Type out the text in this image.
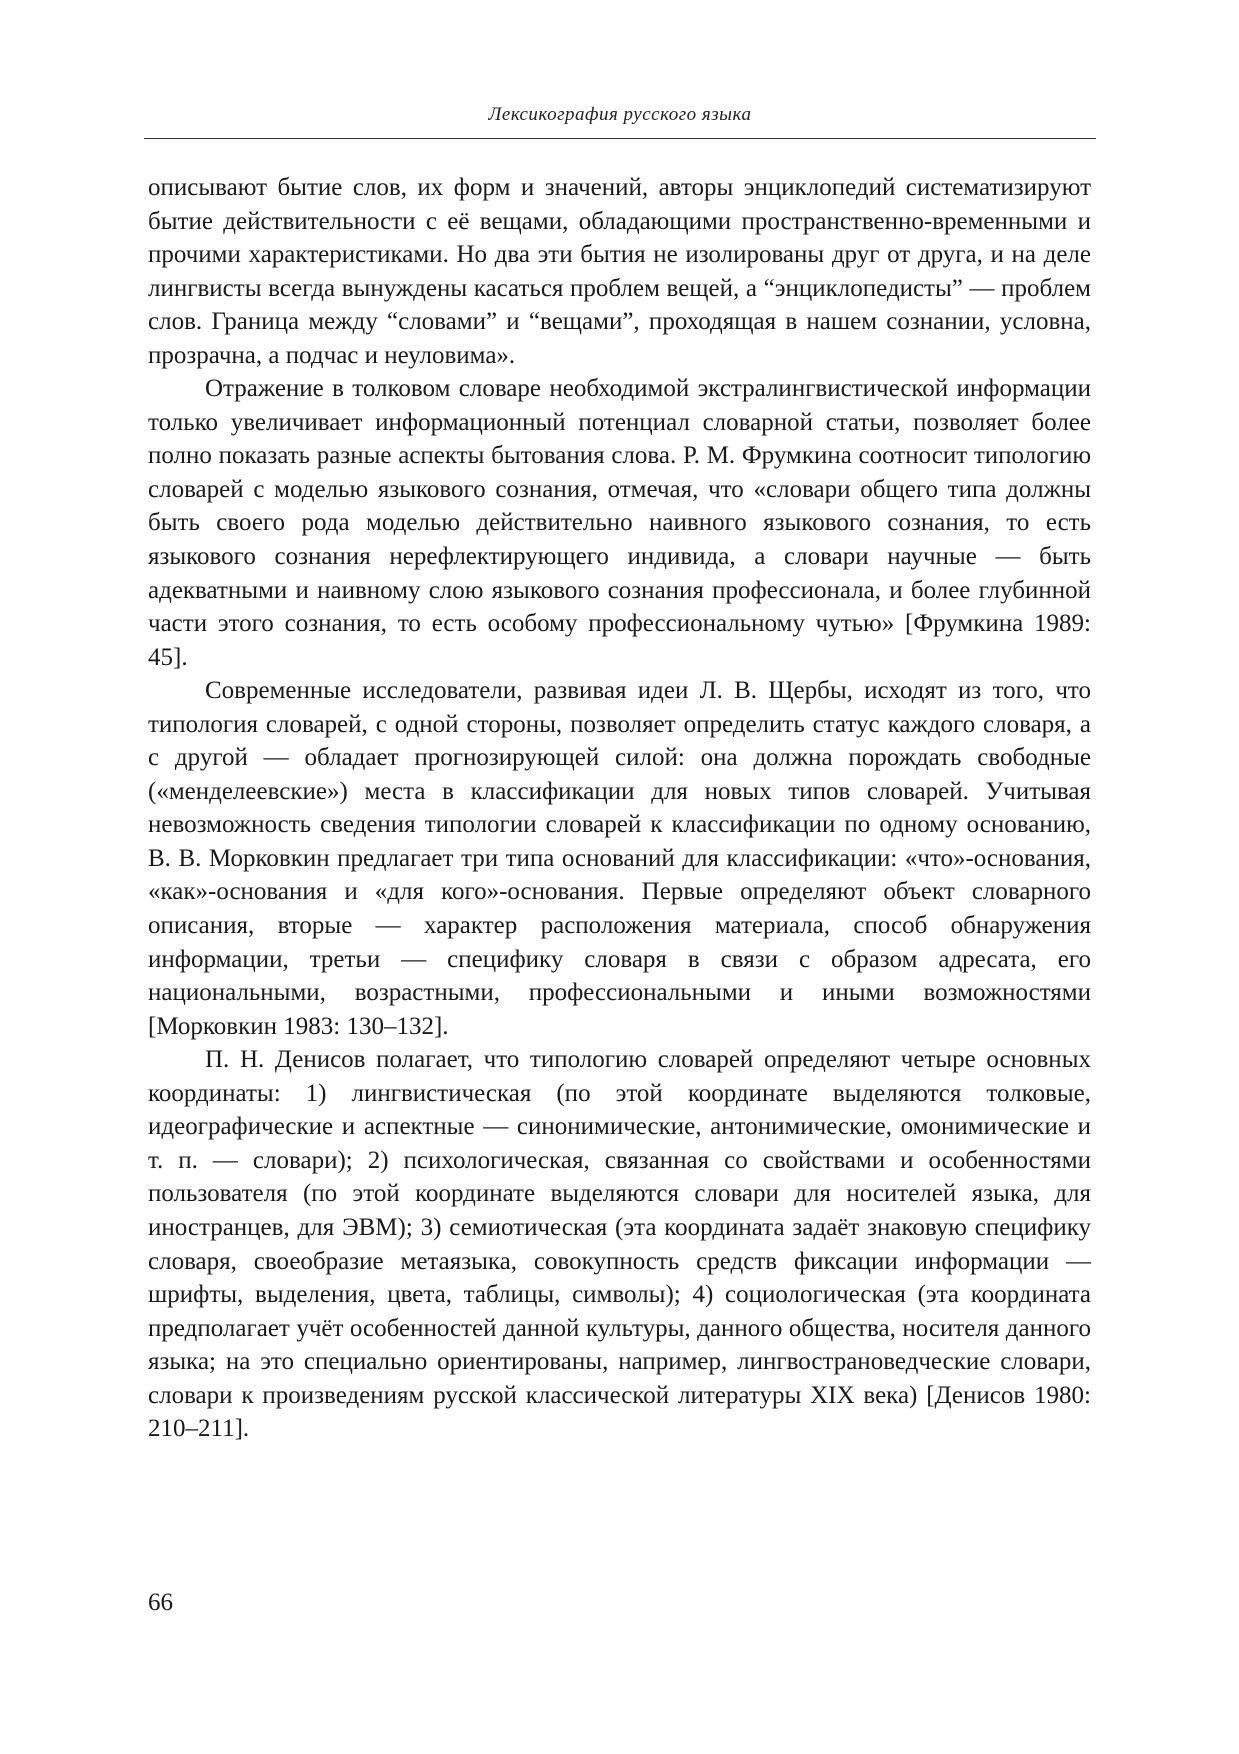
Лексикография русского языка

описывают бытие слов, их форм и значений, авторы энциклопедий систематизируют бытие действительности с её вещами, обладающими пространственно-временными и прочими характеристиками. Но два эти бытия не изолированы друг от друга, и на деле лингвисты всегда вынуждены касаться проблем вещей, а “энциклопедисты” — проблем слов. Граница между “словами” и “вещами”, проходящая в нашем сознании, условна, прозрачна, а подчас и неуловима».

Отражение в толковом словаре необходимой экстралингвистической информации только увеличивает информационный потенциал словарной статьи, позволяет более полно показать разные аспекты бытования слова. Р. М. Фрумкина соотносит типологию словарей с моделью языкового сознания, отмечая, что «словари общего типа должны быть своего рода моделью действительно наивного языкового сознания, то есть языкового сознания нерефлектирующего индивида, а словари научные — быть адекватными и наивному слою языкового сознания профессионала, и более глубинной части этого сознания, то есть особому профессиональному чутью» [Фрумкина 1989: 45].

Современные исследователи, развивая идеи Л. В. Щербы, исходят из того, что типология словарей, с одной стороны, позволяет определить статус каждого словаря, а с другой — обладает прогнозирующей силой: она должна порождать свободные («менделеевские») места в классификации для новых типов словарей. Учитывая невозможность сведения типологии словарей к классификации по одному основанию, В. В. Морковкин предлагает три типа оснований для классификации: «что»-основания, «как»-основания и «для кого»-основания. Первые определяют объект словарного описания, вторые — характер расположения материала, способ обнаружения информации, третьи — специфику словаря в связи с образом адресата, его национальными, возрастными, профессиональными и иными возможностями [Морковкин 1983: 130–132].

П. Н. Денисов полагает, что типологию словарей определяют четыре основных координаты: 1) лингвистическая (по этой координате выделяются толковые, идеографические и аспектные — синонимические, антонимические, омонимические и т. п. — словари); 2) психологическая, связанная со свойствами и особенностями пользователя (по этой координате выделяются словари для носителей языка, для иностранцев, для ЭВМ); 3) семиотическая (эта координата задаёт знаковую специфику словаря, своеобразие метаязыка, совокупность средств фиксации информации — шрифты, выделения, цвета, таблицы, символы); 4) социологическая (эта координата предполагает учёт особенностей данной культуры, данного общества, носителя данного языка; на это специально ориентированы, например, лингвострановедческие словари, словари к произведениям русской классической литературы XIX века) [Денисов 1980: 210–211].

66
